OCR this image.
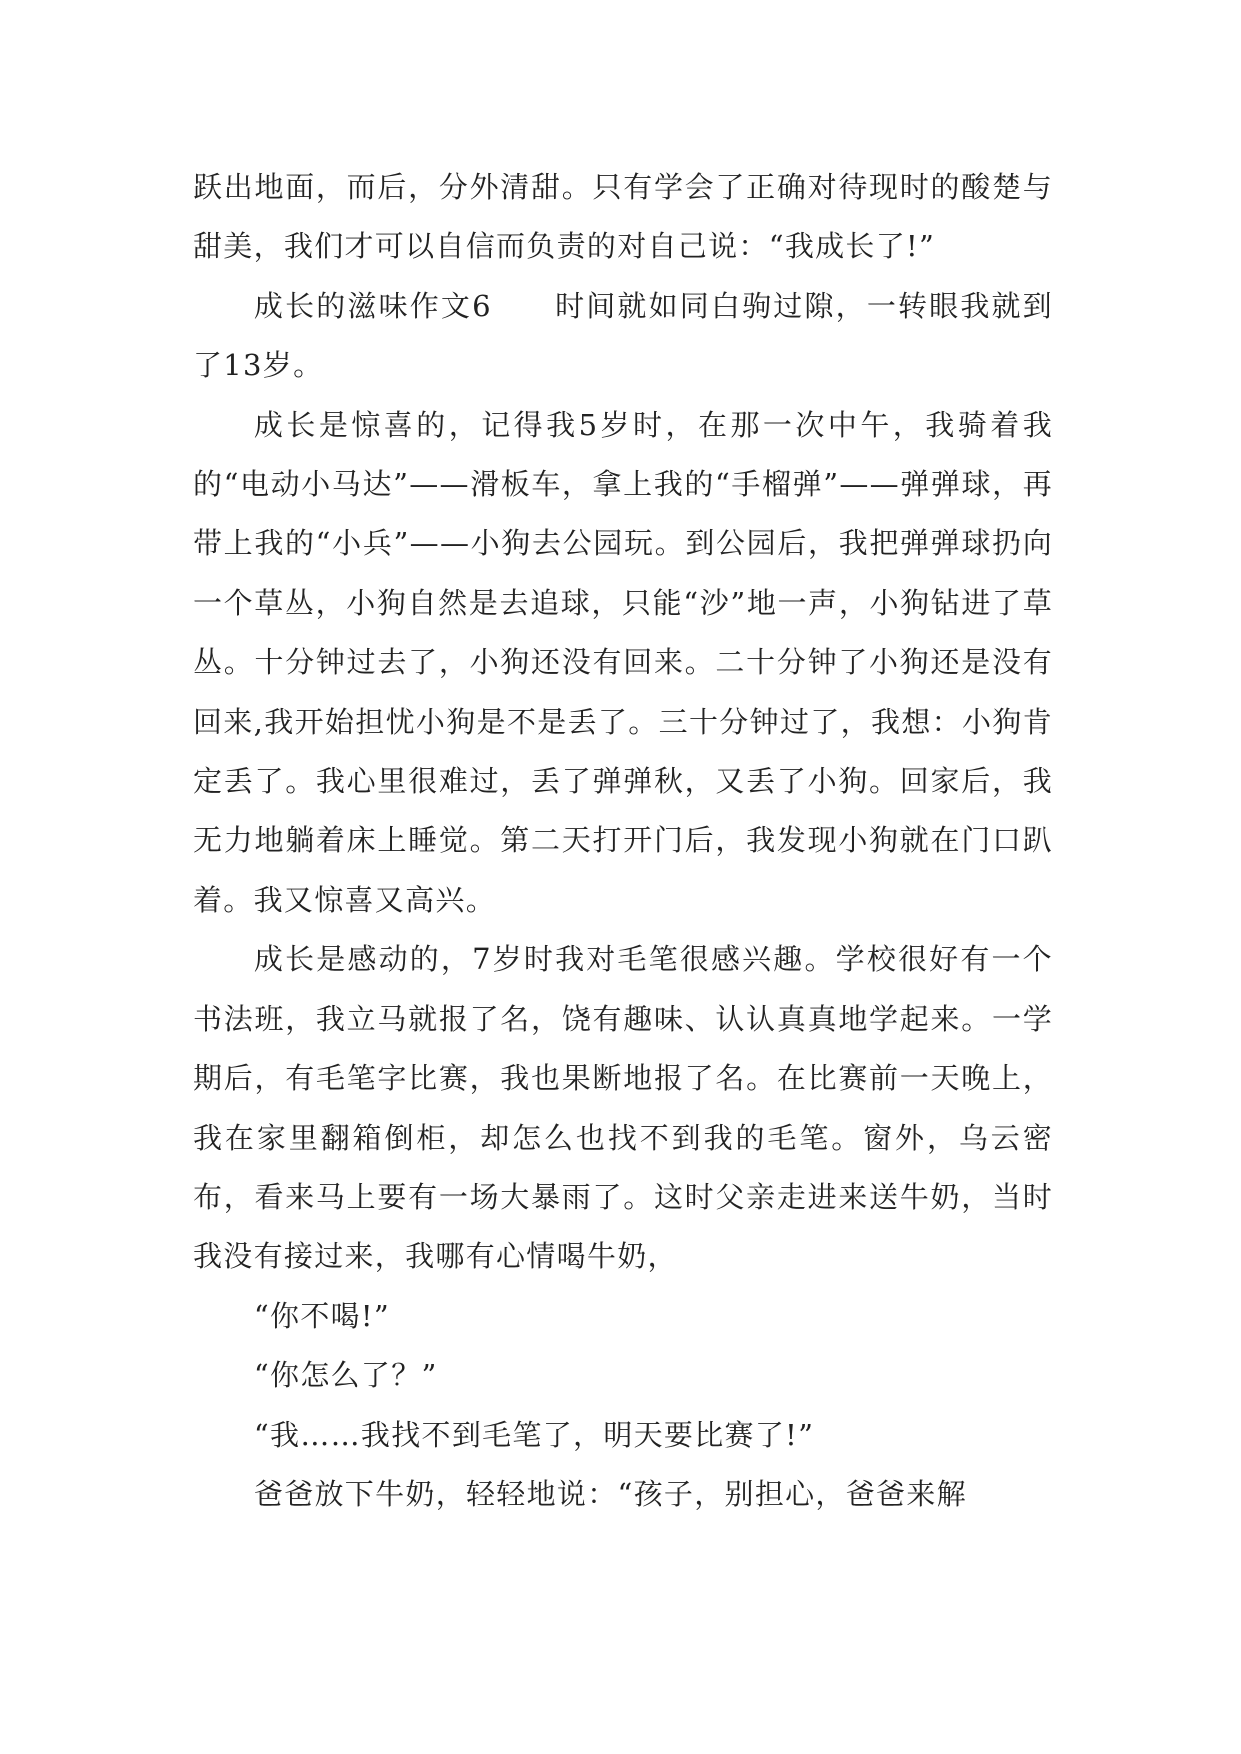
跃出地面，而后，分外清甜。只有学会了正确对待现时的酸楚与甜美，我们才可以自信而负责的对自己说：“我成长了!”

成长的滋味作文6　　时间就如同白驹过隙，一转眼我就到了13岁。

成长是惊喜的，记得我5岁时，在那一次中午，我骑着我的“电动小马达”——滑板车，拿上我的“手榴弹”——弹弹球，再带上我的“小兵”——小狗去公园玩。到公园后，我把弹弹球扔向一个草丛，小狗自然是去追球，只能“沙”地一声，小狗钻进了草丛。十分钟过去了，小狗还没有回来。二十分钟了小狗还是没有回来,我开始担忧小狗是不是丢了。三十分钟过了，我想：小狗肯定丢了。我心里很难过，丢了弹弹秋，又丢了小狗。回家后，我无力地躺着床上睡觉。第二天打开门后，我发现小狗就在门口趴着。我又惊喜又高兴。

成长是感动的，7岁时我对毛笔很感兴趣。学校很好有一个书法班，我立马就报了名，饶有趣味、认认真真地学起来。一学期后，有毛笔字比赛，我也果断地报了名。在比赛前一天晚上，我在家里翻箱倒柜，却怎么也找不到我的毛笔。窗外，乌云密布，看来马上要有一场大暴雨了。这时父亲走进来送牛奶，当时我没有接过来，我哪有心情喝牛奶，

“你不喝!”

“你怎么了？”

“我……我找不到毛笔了，明天要比赛了!”

爸爸放下牛奶，轻轻地说：“孩子，别担心，爸爸来解
